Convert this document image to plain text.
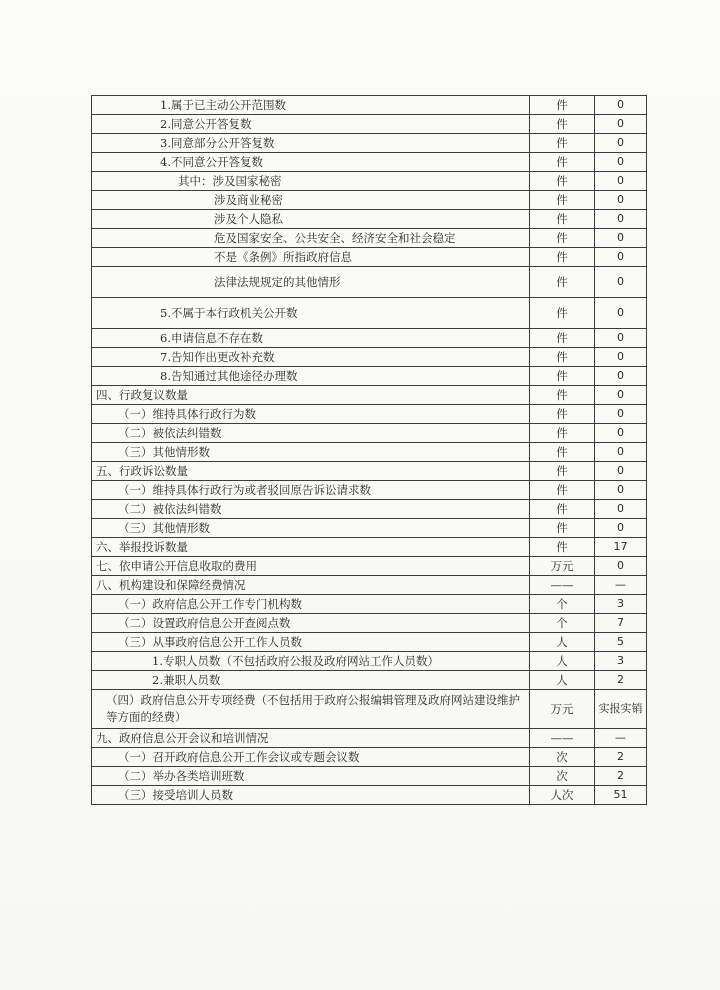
1.属于已主动公开范围数	件	0
2.同意公开答复数	件	0
3.同意部分公开答复数	件	0
4.不同意公开答复数	件	0
其中：涉及国家秘密	件	0
涉及商业秘密	件	0
涉及个人隐私	件	0
危及国家安全、公共安全、经济安全和社会稳定	件	0
不是《条例》所指政府信息	件	0
法律法规规定的其他情形	件	0
5.不属于本行政机关公开数	件	0
6.申请信息不存在数	件	0
7.告知作出更改补充数	件	0
8.告知通过其他途径办理数	件	0
四、行政复议数量	件	0
（一）维持具体行政行为数	件	0
（二）被依法纠错数	件	0
（三）其他情形数	件	0
五、行政诉讼数量	件	0
（一）维持具体行政行为或者驳回原告诉讼请求数	件	0
（二）被依法纠错数	件	0
（三）其他情形数	件	0
六、举报投诉数量	件	17
七、依申请公开信息收取的费用	万元	0
八、机构建设和保障经费情况	——	—
（一）政府信息公开工作专门机构数	个	3
（二）设置政府信息公开查阅点数	个	7
（三）从事政府信息公开工作人员数	人	5
1.专职人员数（不包括政府公报及政府网站工作人员数）	人	3
2.兼职人员数	人	2
（四）政府信息公开专项经费（不包括用于政府公报编辑管理及政府网站建设维护等方面的经费）	万元	实报实销
九、政府信息公开会议和培训情况	——	—
（一）召开政府信息公开工作会议或专题会议数	次	2
（二）举办各类培训班数	次	2
（三）接受培训人员数	人次	51
